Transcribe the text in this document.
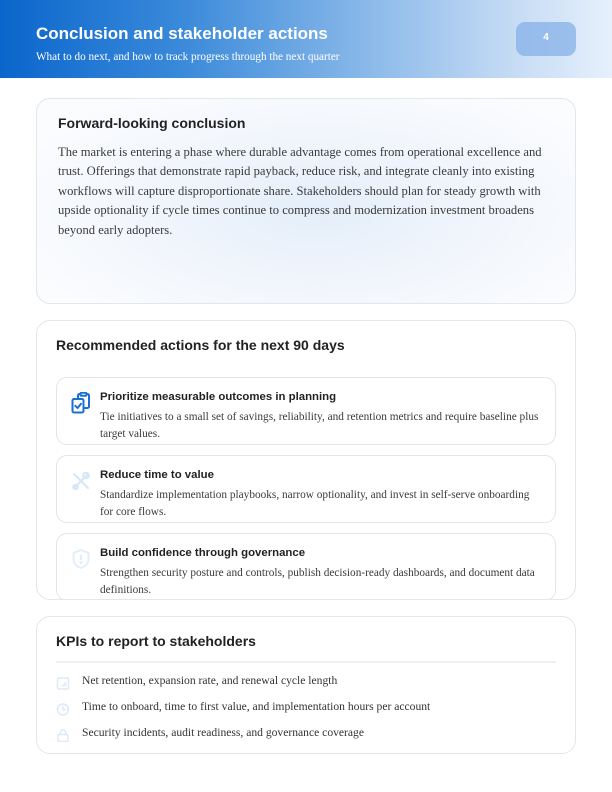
Conclusion and stakeholder actions
What to do next, and how to track progress through the next quarter
4
Forward-looking conclusion
The market is entering a phase where durable advantage comes from operational excellence and trust. Offerings that demonstrate rapid payback, reduce risk, and integrate cleanly into existing workflows will capture disproportionate share. Stakeholders should plan for steady growth with upside optionality if cycle times continue to compress and modernization investment broadens beyond early adopters.
Recommended actions for the next 90 days
Prioritize measurable outcomes in planning
Tie initiatives to a small set of savings, reliability, and retention metrics and require baseline plus target values.
Reduce time to value
Standardize implementation playbooks, narrow optionality, and invest in self-serve onboarding for core flows.
Build confidence through governance
Strengthen security posture and controls, publish decision-ready dashboards, and document data definitions.
KPIs to report to stakeholders
Net retention, expansion rate, and renewal cycle length
Time to onboard, time to first value, and implementation hours per account
Security incidents, audit readiness, and governance coverage
